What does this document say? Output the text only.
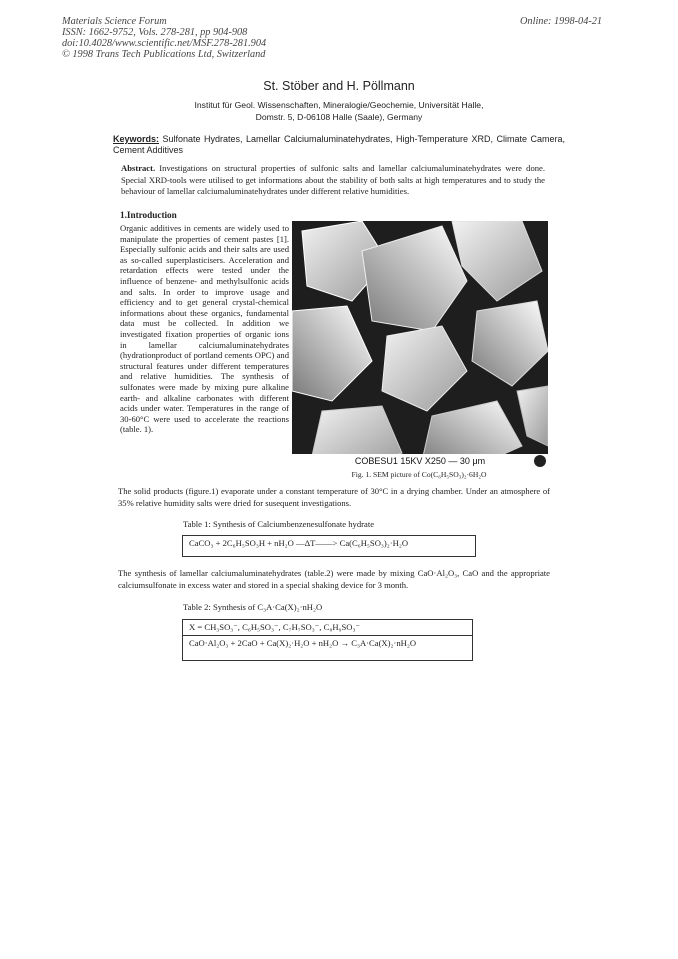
Materials Science Forum
ISSN: 1662-9752, Vols. 278-281, pp 904-908
doi:10.4028/www.scientific.net/MSF.278-281.904
© 1998 Trans Tech Publications Ltd, Switzerland
Online: 1998-04-21
St. Stöber and H. Pöllmann
Institut für Geol. Wissenschaften, Mineralogie/Geochemie, Universität Halle,
Domstr. 5, D-06108 Halle (Saale), Germany
Keywords: Sulfonate Hydrates, Lamellar Calciumaluminatehydrates, High-Temperature XRD, Climate Camera, Cement Additives
Abstract. Investigations on structural properties of sulfonic salts and lamellar calciumaluminatehydrates were done. Special XRD-tools were utilised to get informations about the stability of both salts at high temperatures and to study the behaviour of lamellar calciumaluminatehydrates under different relative humidities.
1.Introduction
Organic additives in cements are widely used to manipulate the properties of cement pastes [1]. Especially sulfonic acids and their salts are used as so-called superplasticisers. Acceleration and retardation effects were tested under the influence of benzene- and methylsulfonic acids and salts. In order to improve usage and efficiency and to get general crystal-chemical informations about these organics, fundamental data must be collected. In addition we investigated fixation properties of organic ions in lamellar calciumaluminatehydrates (hydrationproduct of portland cements OPC) and structural features under different temperatures and relative humidities. The synthesis of sulfonates were made by mixing pure alkaline earth- and alkaline carbonates with different acids under water. Temperatures in the range of 30-60°C were used to accelerate the reactions (table. 1).
COBESU1 15KV X250 — 30 μm
Fig. 1. SEM picture of Co(C₆H₅SO₃)₂·6H₂O
The solid products (figure.1) evaporate under a constant temperature of 30°C in a drying chamber. Under an atmosphere of 35% relative humidity salts were dried for susequent investigations.
Table 1: Synthesis of Calciumbenzenesulfonate hydrate
CaCO₃ + 2C₆H₅SO₃H + nH₂O —ΔT——> Ca(C₆H₅SO₃)₂·H₂O
The synthesis of lamellar calciumaluminatehydrates (table.2) were made by mixing CaO·Al₂O₃, CaO and the appropriate calciumsulfonate in excess water and stored in a special shaking device for 3 month.
Table 2: Synthesis of C₃A·Ca(X)₂·nH₂O
X = CH₃SO₃⁻, C₆H₅SO₃⁻, C₇H₇SO₃⁻, C₈H₉SO₃⁻
CaO·Al₂O₃ + 2CaO + Ca(X)₂·H₂O + nH₂O → C₃A·Ca(X)₂·nH₂O
